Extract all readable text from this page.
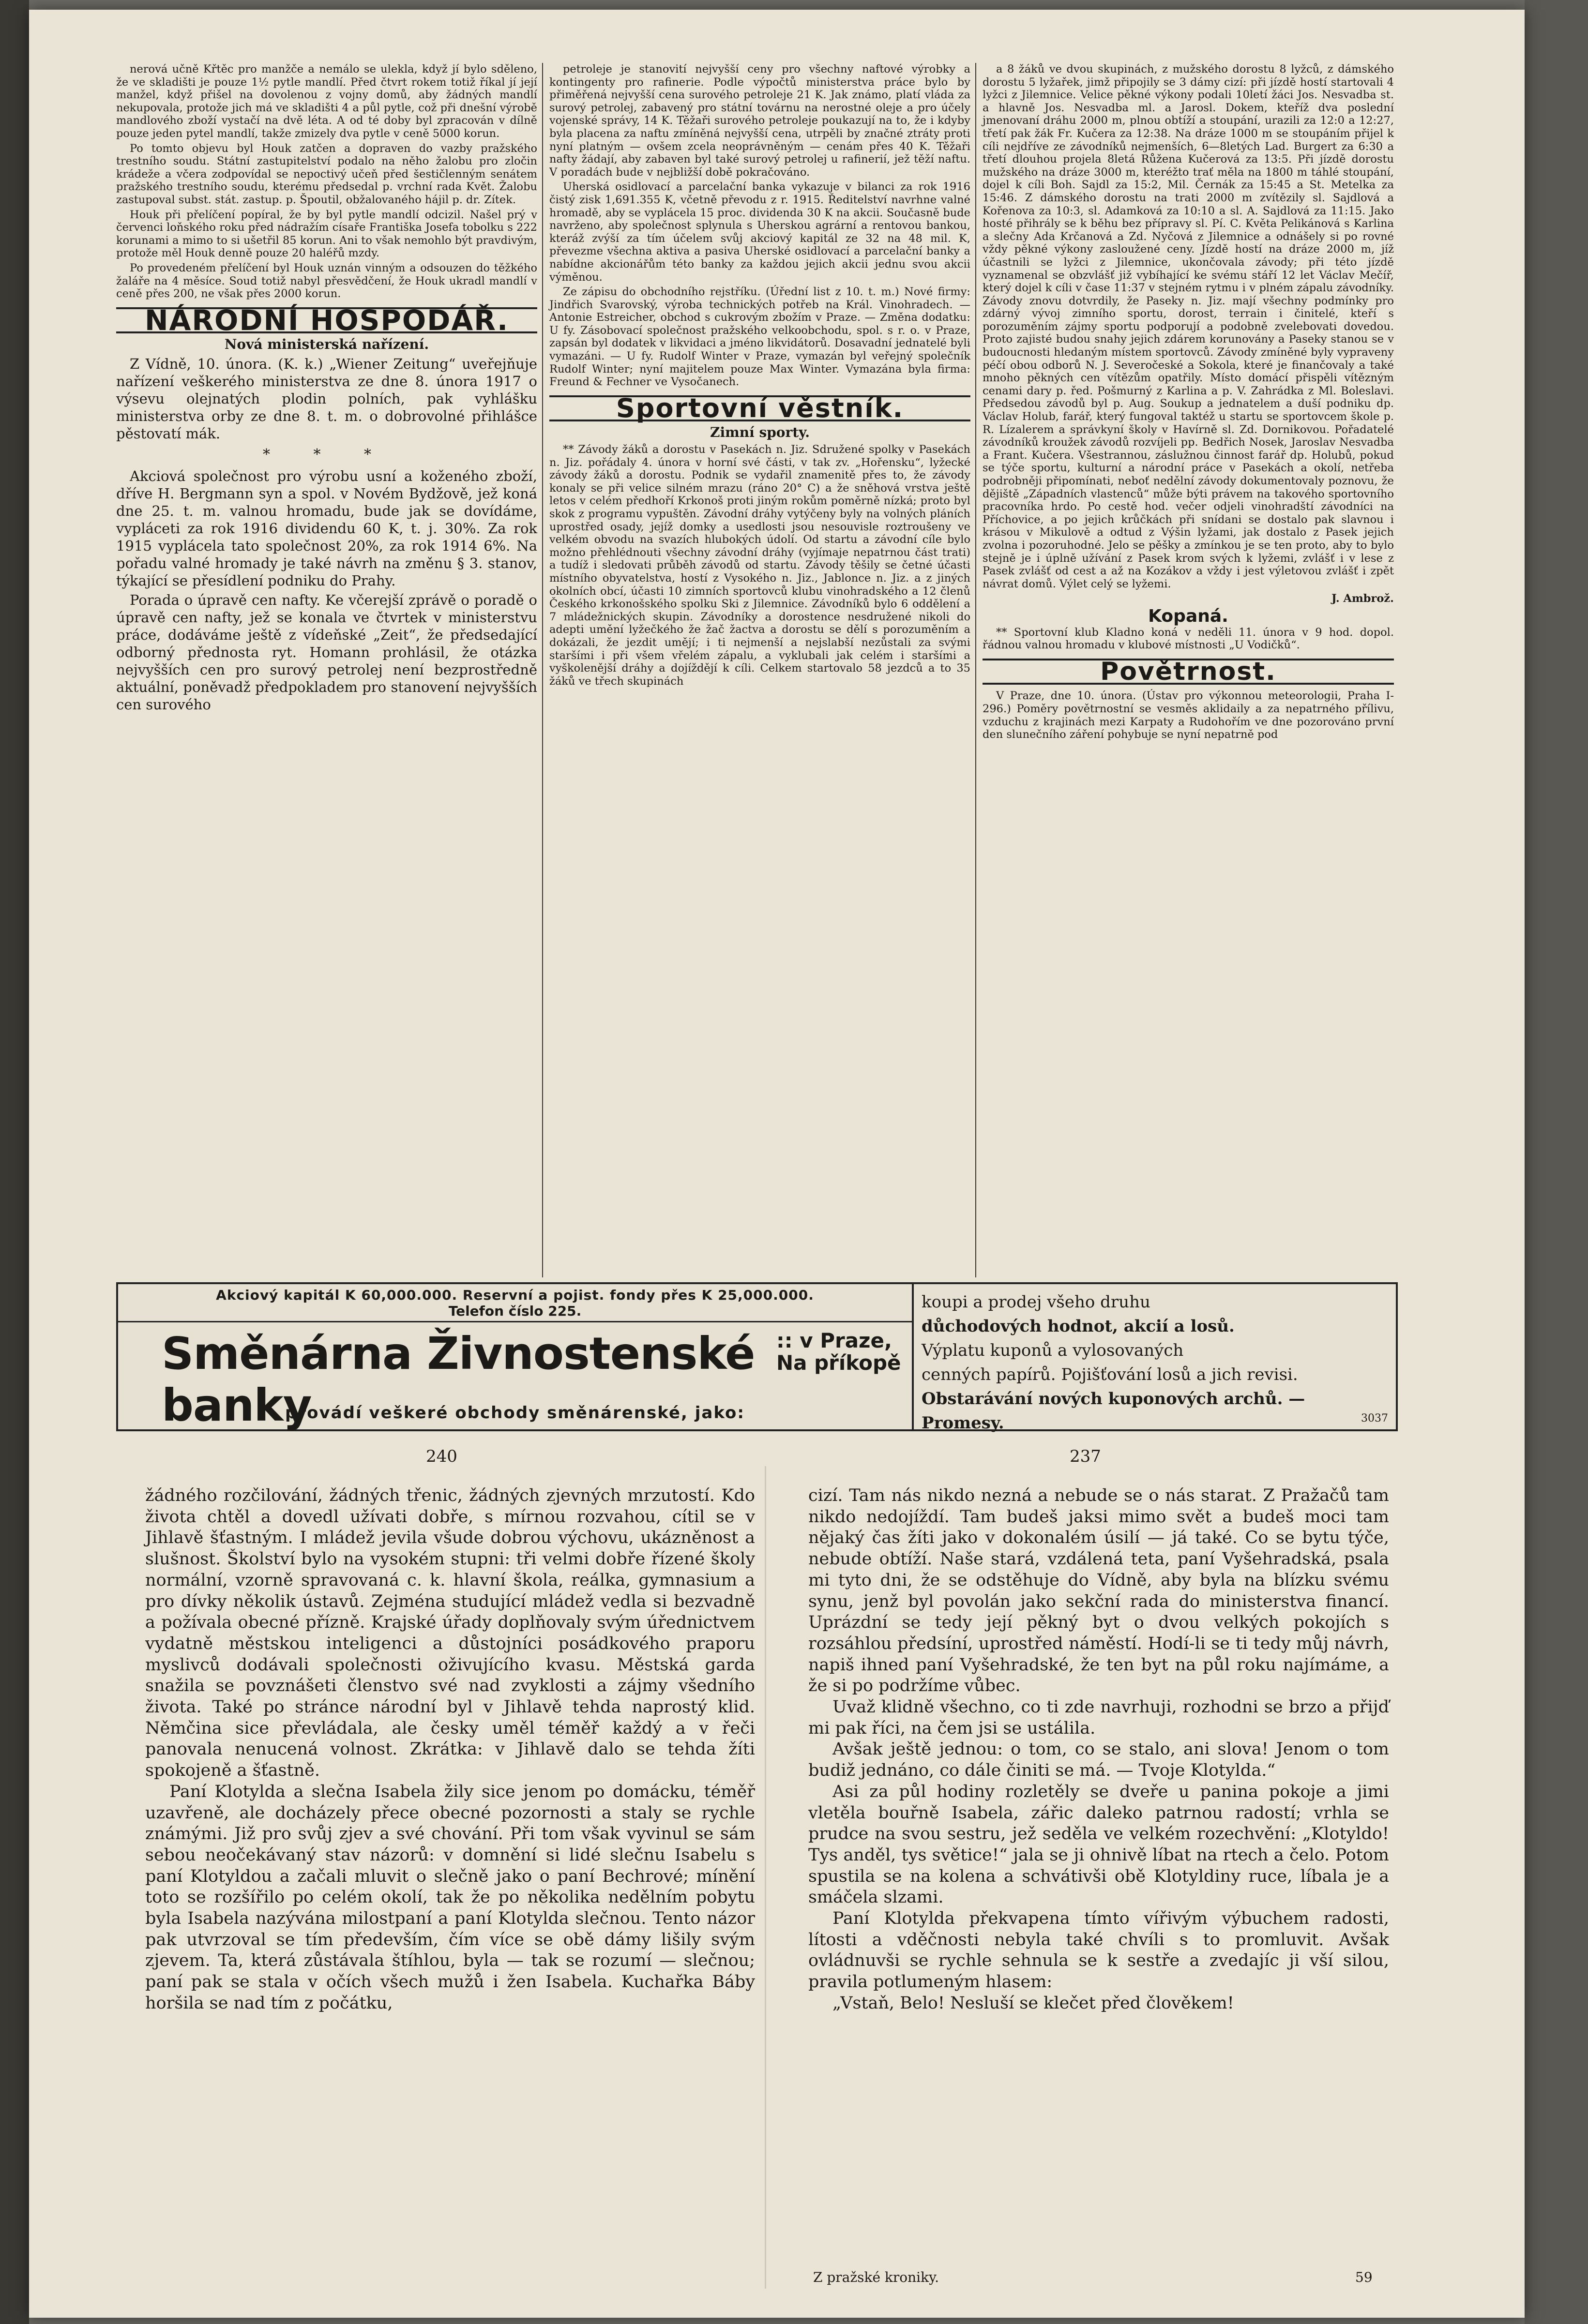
nerová učně Křtěc pro manžče a nemálo se ulekla, když jí bylo sděleno, že ve skladišti je pouze 1½ pytle mandlí. Před čtvrt rokem totiž říkal jí její manžel, když přišel na dovolenou z vojny domů, aby žádných mandlí nekupovala, protože jich má ve skladišti 4 a půl pytle, což při dnešní výrobě mandlového zboží vystačí na dvě léta. A od té doby byl zpracován v dílně pouze jeden pytel mandlí, takže zmizely dva pytle v ceně 5000 korun.

Po tomto objevu byl Houk zatčen a dopraven do vazby pražského trestního soudu. Státní zastupitelství podalo na něho žalobu pro zločin krádeže a včera zodpovídal se nepoctivý učeň před šestičlenným senátem pražského trestního soudu, kterému předsedal p. vrchní rada Květ. Žalobu zastupoval subst. stát. zastup. p. Špoutil, obžalovaného hájil p. dr. Zítek.

Houk při přelíčení popíral, že by byl pytle mandlí odcizil. Našel prý v červenci loňského roku před nádražím císaře Františka Josefa tobolku s 222 korunami a mimo to si ušetřil 85 korun. Ani to však nemohlo být pravdivým, protože měl Houk denně pouze 20 haléřů mzdy.

Po provedeném přelíčení byl Houk uznán vinným a odsouzen do těžkého žaláře na 4 měsíce. Soud totiž nabyl přesvědčení, že Houk ukradl mandlí v ceně přes 200, ne však přes 2000 korun.

NÁRODNÍ HOSPODÁŘ.
Nová ministerská nařízení.

Z Vídně, 10. února. (K. k.) „Wiener Zeitung“ uveřejňuje nařízení veškerého ministerstva ze dne 8. února 1917 o výsevu olejnatých plodin polních, pak vyhlášku ministerstva orby ze dne 8. t. m. o dobrovolné přihlášce pěstovatí mák.

* * *

Akciová společnost pro výrobu usní a koženého zboží, dříve H. Bergmann syn a spol. v Novém Bydžově, jež koná dne 25. t. m. valnou hromadu, bude jak se dovídáme, vypláceti za rok 1916 dividendu 60 K, t. j. 30%. Za rok 1915 vyplácela tato společnost 20%, za rok 1914 6%. Na pořadu valné hromady je také návrh na změnu § 3. stanov, týkající se přesídlení podniku do Prahy.

Porada o úpravě cen nafty. Ke včerejší zprávě o poradě o úpravě cen nafty, jež se konala ve čtvrtek v ministerstvu práce, dodáváme ještě z vídeňské „Zeit“, že předsedající odborný přednosta ryt. Homann prohlásil, že otázka nejvyšších cen pro surový petrolej není bezprostředně aktuální, poněvadž předpokladem pro stanovení nejvyšších cen surového

petroleje je stanovití nejvyšší ceny pro všechny naftové výrobky a kontingenty pro rafinerie. Podle výpočtů ministerstva práce bylo by přiměřená nejvyšší cena surového petroleje 21 K. Jak známo, platí vláda za surový petrolej, zabavený pro státní továrnu na nerostné oleje a pro účely vojenské správy, 14 K. Těžaři surového petroleje poukazují na to, že i kdyby byla placena za naftu zmíněná nejvyšší cena, utrpěli by značné ztráty proti nyní platným — ovšem zcela neoprávněným — cenám přes 40 K. Těžaři nafty žádají, aby zabaven byl také surový petrolej u rafinerií, jež těží naftu. V poradách bude v nejbližší době pokračováno.

Uherská osidlovací a parcelační banka vykazuje v bilanci za rok 1916 čistý zisk 1,691.355 K, včetně převodu z r. 1915. Ředitelství navrhne valné hromadě, aby se vyplácela 15 proc. dividenda 30 K na akcii. Současně bude navrženo, aby společnost splynula s Uherskou agrární a rentovou bankou, kteráž zvýší za tím účelem svůj akciový kapitál ze 32 na 48 mil. K, převezme všechna aktiva a pasiva Uherské osidlovací a parcelační banky a nabídne akcionářům této banky za každou jejich akcii jednu svou akcii výměnou.

Ze zápisu do obchodního rejstříku. (Úřední list z 10. t. m.) Nové firmy: Jindřich Svarovský, výroba technických potřeb na Král. Vinohradech. — Antonie Estreicher, obchod s cukrovým zbožím v Praze. — Změna dodatku: U fy. Zásobovací společnost pražského velkoobchodu, spol. s r. o. v Praze, zapsán byl dodatek v likvidaci a jméno likvidátorů. Dosavadní jednatelé byli vymazáni. — U fy. Rudolf Winter v Praze, vymazán byl veřejný společník Rudolf Winter; nyní majitelem pouze Max Winter. Vymazána byla firma: Freund & Fechner ve Vysočanech.

Sportovní věstník.
Zimní sporty.

** Závody žáků a dorostu v Pasekách n. Jiz. Sdružené spolky v Pasekách n. Jiz. pořádaly 4. února v horní své části, v tak zv. „Hořensku“, lyžecké závody žáků a dorostu. Podnik se vydařil znamenitě přes to, že závody konaly se při velice silném mrazu (ráno 20° C) a že sněhová vrstva ještě letos v celém předhoří Krkonoš proti jiným rokům poměrně nízká; proto byl skok z programu vypuštěn. Závodní dráhy vytýčeny byly na volných pláních uprostřed osady, jejíž domky a usedlosti jsou nesouvisle roztroušeny ve velkém obvodu na svazích hlubokých údolí. Od startu a závodní cíle bylo možno přehlédnouti všechny závodní dráhy (vyjímaje nepatrnou část trati) a tudíž i sledovati průběh závodů od startu. Závody těšily se četné účasti místního obyvatelstva, hostí z Vysokého n. Jiz., Jablonce n. Jiz. a z jiných okolních obcí, účasti 10 zimních sportovců klubu vinohradského a 12 členů Českého krkonošského spolku Ski z Jilemnice. Závodníků bylo 6 oddělení a 7 mládežnických skupin. Závodníky a dorostence nesdružené nikoli do adepti umění lyžečkého že žač žactva a dorostu se dělí s porozuměním a dokázali, že jezdit umějí; i ti nejmenší a nejslabší nezůstali za svými staršími i při všem vřelém zápalu, a vyklubali jak celém i staršími a vyškolenější dráhy a dojíždějí k cíli. Celkem startovalo 58 jezdců a to 35 žáků ve třech skupinách

a 8 žáků ve dvou skupinách, z mužského dorostu 8 lyžců, z dámského dorostu 5 lyžařek, jimž připojily se 3 dámy cizí: při jízdě hostí startovali 4 lyžci z Jilemnice. Velice pěkné výkony podali 10letí žáci Jos. Nesvadba st. a hlavně Jos. Nesvadba ml. a Jarosl. Dokem, kteříž dva poslední jmenovaní dráhu 2000 m, plnou obtíží a stoupání, urazili za 12:0 a 12:27, třetí pak žák Fr. Kučera za 12:38. Na dráze 1000 m se stoupáním přijel k cíli nejdříve ze závodníků nejmenších, 6—8letých Lad. Burgert za 6:30 a třetí dlouhou projela 8letá Růžena Kučerová za 13:5. Při jízdě dorostu mužského na dráze 3000 m, kteréžto trať měla na 1800 m táhlé stoupání, dojel k cíli Boh. Sajdl za 15:2, Mil. Černák za 15:45 a St. Metelka za 15:46. Z dámského dorostu na trati 2000 m zvítězily sl. Sajdlová a Kořenova za 10:3, sl. Adamková za 10:10 a sl. A. Sajdlová za 11:15. Jako hosté přihrály se k běhu bez přípravy sl. Pí. C. Květa Pelikánová s Karlina a slečny Ada Krčanová a Zd. Nyčová z Jilemnice a odnášely si po rovné vždy pěkné výkony zasloužené ceny. Jízdě hostí na dráze 2000 m, jíž účastnili se lyžci z Jilemnice, ukončovala závody; při této jízdě vyznamenal se obzvlášť již vybíhající ke svému stáří 12 let Václav Mečíř, který dojel k cíli v čase 11:37 v stejném rytmu i v plném zápalu závodníky. Závody znovu dotvrdily, že Paseky n. Jiz. mají všechny podmínky pro zdárný vývoj zimního sportu, dorost, terrain i činitelé, kteří s porozuměním zájmy sportu podporují a podobně zvelebovati dovedou. Proto zajisté budou snahy jejich zdárem korunovány a Paseky stanou se v budoucnosti hledaným místem sportovců. Závody zmíněné byly vypraveny péčí obou odborů N. J. Severočeské a Sokola, které je finančovaly a také mnoho pěkných cen vítězům opatřily. Místo domácí přispěli vítězným cenami dary p. řed. Pošmurný z Karlina a p. V. Zahrádka z Ml. Boleslavi. Předsedou závodů byl p. Aug. Soukup a jednatelem a duší podniku dp. Václav Holub, farář, který fungoval taktéž u startu se sportovcem škole p. R. Lízalerem a správkyní školy v Havírně sl. Zd. Dornikovou. Pořadatelé závodníků kroužek závodů rozvíjeli pp. Bedřich Nosek, Jaroslav Nesvadba a Frant. Kučera. Všestrannou, záslužnou činnost farář dp. Holubů, pokud se týče sportu, kulturní a národní práce v Pasekách a okolí, netřeba podrobněji připomínati, neboť nedělní závody dokumentovaly poznovu, že dějiště „Západních vlastenců“ může býti právem na takového sportovního pracovníka hrdo. Po cestě hod. večer odjeli vinohradští závodníci na Příchovice, a po jejich krůčkách při snídani se dostalo pak slavnou i krásou v Mikulově a odtud z Výšin lyžami, jak dostalo z Pasek jejich zvolna i pozoruhodné. Jelo se pěšky a zmínkou je se ten proto, aby to bylo stejně je i úplně užívání z Pasek krom svých k lyžemi, zvlášť i v lese z Pasek zvlášť od cest a až na Kozákov a vždy i jest výletovou zvlášť i zpět návrat domů. Výlet celý se lyžemi.

J. Ambrož.
Kopaná.

** Sportovní klub Kladno koná v neděli 11. února v 9 hod. dopol. řádnou valnou hromadu v klubové místnosti „U Vodičků“.

Povětrnost.

V Praze, dne 10. února. (Ústav pro výkonnou meteorologii, Praha I-296.) Poměry povětrnostní se vesměs aklidaily a za nepatrného přílivu, vzduchu z krajinách mezi Karpaty a Rudohořím ve dne pozorováno první den slunečního záření pohybuje se nyní nepatrně pod

Akciový kapitál K 60,000.000. Reservní a pojist. fondy přes K 25,000.000.
Telefon číslo 225.
Směnárna Živnostenské banky
:: v Praze,
Na příkopě
provádí veškeré obchody směnárenské, jako:
koupi a prodej všeho druhu
důchodových hodnot, akcií a losů.
Výplatu kuponů a vylosovaných
cenných papírů. Pojišťování losů a jich revisi.
Obstarávání nových kuponových archů. — Promesy.	3037
240	237

žádného rozčilování, žádných třenic, žádných zjevných mrzutostí. Kdo života chtěl a dovedl užívati dobře, s mírnou rozvahou, cítil se v Jihlavě šťastným. I mládež jevila všude dobrou výchovu, ukázněnost a slušnost. Školství bylo na vysokém stupni: tři velmi dobře řízené školy normální, vzorně spravovaná c. k. hlavní škola, reálka, gymnasium a pro dívky několik ústavů. Zejména studující mládež vedla si bezvadně a požívala obecné přízně. Krajské úřady doplňovaly svým úřednictvem vydatně městskou inteligenci a důstojníci posádkového praporu myslivců dodávali společnosti oživujícího kvasu. Městská garda snažila se povznášeti členstvo své nad zvyklosti a zájmy všedního života. Také po stránce národní byl v Jihlavě tehda naprostý klid. Němčina sice převládala, ale česky uměl téměř každý a v řeči panovala nenucená volnost. Zkrátka: v Jihlavě dalo se tehda žíti spokojeně a šťastně.

Paní Klotylda a slečna Isabela žily sice jenom po domácku, téměř uzavřeně, ale docházely přece obecné pozornosti a staly se rychle známými. Již pro svůj zjev a své chování. Při tom však vyvinul se sám sebou neočekávaný stav názorů: v domnění si lidé slečnu Isabelu s paní Klotyldou a začali mluvit o slečně jako o paní Bechrové; mínění toto se rozšířilo po celém okolí, tak že po několika nedělním pobytu byla Isabela nazývána milostpaní a paní Klotylda slečnou. Tento názor pak utvrzoval se tím především, čím více se obě dámy lišily svým zjevem. Ta, která zůstávala štíhlou, byla — tak se rozumí — slečnou; paní pak se stala v očích všech mužů i žen Isabela. Kuchařka Báby horšila se nad tím z počátku,

cizí. Tam nás nikdo nezná a nebude se o nás starat. Z Pražačů tam nikdo nedojíždí. Tam budeš jaksi mimo svět a budeš moci tam nějaký čas žíti jako v dokonalém úsilí — já také. Co se bytu týče, nebude obtíží. Naše stará, vzdálená teta, paní Vyšehradská, psala mi tyto dni, že se odstěhuje do Vídně, aby byla na blízku svému synu, jenž byl povolán jako sekční rada do ministerstva financí. Uprázdní se tedy její pěkný byt o dvou velkých pokojích s rozsáhlou předsíní, uprostřed náměstí. Hodí-li se ti tedy můj návrh, napiš ihned paní Vyšehradské, že ten byt na půl roku najímáme, a že si po podržíme vůbec.

Uvaž klidně všechno, co ti zde navrhuji, rozhodni se brzo a přijď mi pak říci, na čem jsi se ustálila.

Avšak ještě jednou: o tom, co se stalo, ani slova! Jenom o tom budiž jednáno, co dále činiti se má. — Tvoje Klotylda.“

Asi za půl hodiny rozletěly se dveře u panina pokoje a jimi vletěla bouřně Isabela, zářic daleko patrnou radostí; vrhla se prudce na svou sestru, jež seděla ve velkém rozechvění: „Klotyldo! Tys anděl, tys světice!“ jala se ji ohnivě líbat na rtech a čelo. Potom spustila se na kolena a schvátivši obě Klotyldiny ruce, líbala je a smáčela slzami.

Paní Klotylda překvapena tímto vířivým výbuchem radosti, lítosti a vděčnosti nebyla také chvíli s to promluvit. Avšak ovládnuvši se rychle sehnula se k sestře a zvedajíc ji vší silou, pravila potlumeným hlasem:

„Vstaň, Belo! Nesluší se klečet před člověkem!

Z pražské kroniky.	59
